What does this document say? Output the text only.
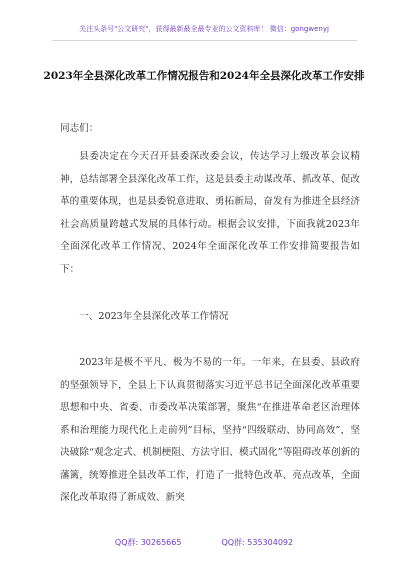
关注头条号"公文研究"，获得最新最全最专业的公文资料库！ 微信：gongwenyj
2023年全县深化改革工作情况报告和2024年全县深化改革工作安排

同志们：

县委决定在今天召开县委深改委会议，传达学习上级改革会议精神，总结部署全县深化改革工作，这是县委主动谋改革、抓改革、促改革的重要体现，也是县委锐意进取、勇拓新局，奋发有为推进全县经济社会高质量跨越式发展的具体行动。根据会议安排，下面我就2023年全面深化改革工作情况、2024年全面深化改革工作安排简要报告如下：

一、2023年全县深化改革工作情况

2023年是极不平凡、极为不易的一年。一年来，在县委、县政府的坚强领导下，全县上下认真贯彻落实习近平总书记全面深化改革重要思想和中央、省委、市委改革决策部署，聚焦“在推进革命老区治理体系和治理能力现代化上走前列”目标，坚持“四级联动、协同高效”，坚决破除“观念定式、机制梗阻、方法守旧、模式固化”等阻碍改革创新的藩篱，统筹推进全县改革工作，打造了一批特色改革、亮点改革，全面深化改革取得了新成效、新突

QQ群: 30265665	QQ群: 535304092
